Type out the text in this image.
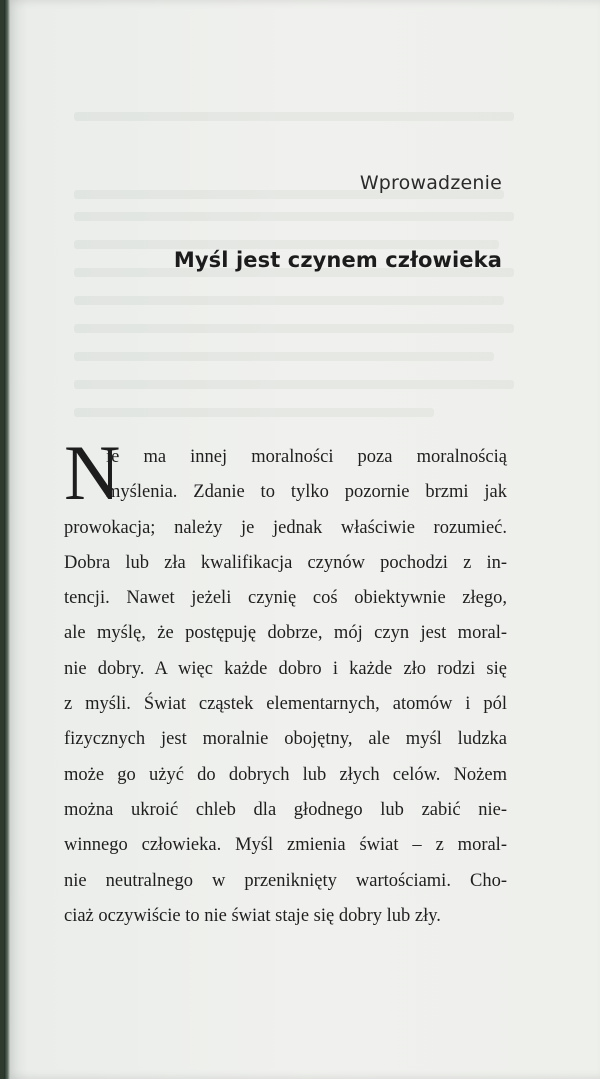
Wprowadzenie
Myśl jest czynem człowieka
N
ie ma innej moralności poza moralnością
myślenia. Zdanie to tylko pozornie brzmi jak
prowokacja; należy je jednak właściwie rozumieć.
Dobra lub zła kwalifikacja czynów pochodzi z in-
tencji. Nawet jeżeli czynię coś obiektywnie złego,
ale myślę, że postępuję dobrze, mój czyn jest moral-
nie dobry. A więc każde dobro i każde zło rodzi się
z myśli. Świat cząstek elementarnych, atomów i pól
fizycznych jest moralnie obojętny, ale myśl ludzka
może go użyć do dobrych lub złych celów. Nożem
można ukroić chleb dla głodnego lub zabić nie-
winnego człowieka. Myśl zmienia świat – z moral-
nie neutralnego w przeniknięty wartościami. Cho-
ciaż oczywiście to nie świat staje się dobry lub zły.
